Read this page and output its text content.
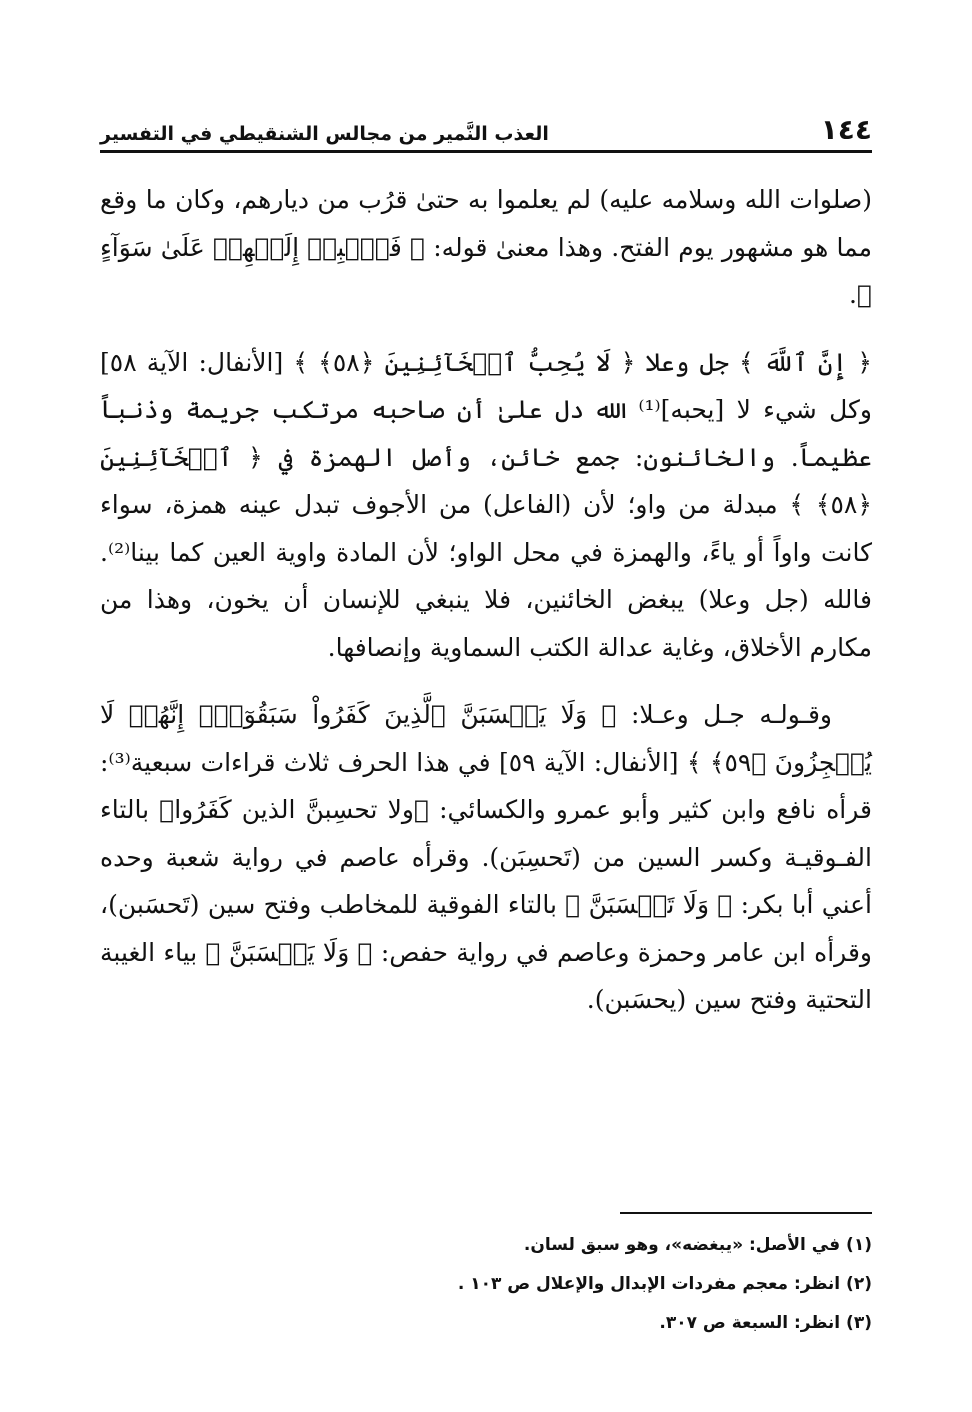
١٤٤
العذب النَّمير من مجالس الشنقيطي في التفسير

(صلوات الله وسلامه عليه) لم يعلموا به حتىٰ قرُب من ديارهم، وكان ما وقع مما هو مشهور يوم الفتح. وهذا معنىٰ قوله: ﴿ فَٱنۢبِذۡ إِلَيۡهِمۡ عَلَىٰ سَوَآءٍ ﴾.

﴿ إِنَّ ٱللَّهَ ﴾ جل وعلا ﴿ لَا يُحِبُّ ٱلۡخَآئِنِينَ ﴿٥٨﴾ ﴾ [الأنفال: الآية ٥٨] وكل شيء لا [يحبه]⁽¹⁾ الله دل علىٰ أن صاحبه مرتكب جريمة وذنباً عظيماً. والخائنون: جمع خائن، وأصل الهمزة في ﴿ ٱلۡخَآئِنِينَ ﴿٥٨﴾ ﴾ مبدلة من واو؛ لأن (الفاعل) من الأجوف تبدل عينه همزة، سواء كانت واواً أو ياءً، والهمزة في محل الواو؛ لأن المادة واوية العين كما بينا⁽²⁾. فالله (جل وعلا) يبغض الخائنين، فلا ينبغي للإنسان أن يخون، وهذا من مكارم الأخلاق، وغاية عدالة الكتب السماوية وإنصافها.

وقـولـه جـل وعـلا: ﴿ وَلَا يَحۡسَبَنَّ ٱلَّذِينَ كَفَرُواْ سَبَقُوٓاْۚ إِنَّهُمۡ لَا يُعۡجِزُونَ ﴿٥٩﴾ ﴾ [الأنفال: الآية ٥٩] في هذا الحرف ثلاث قراءات سبعية⁽³⁾: قرأه نافع وابن كثير وأبو عمرو والكسائي: ﴿ولا تحسِبنَّ الذين كَفَرُوا﴾ بالتاء الفـوقيـة وكسر السين من (تَحسِبَن). وقرأه عاصم في رواية شعبة وحده أعني أبا بكر: ﴿ وَلَا تَحۡسَبَنَّ ﴾ بالتاء الفوقية للمخاطب وفتح سين (تَحسَبن)، وقرأه ابن عامر وحمزة وعاصم في رواية حفص: ﴿ وَلَا يَحۡسَبَنَّ ﴾ بياء الغيبة التحتية وفتح سين (يحسَبن).

(١) في الأصل: «يبغضه»، وهو سبق لسان.
(٢) انظر: معجم مفردات الإبدال والإعلال ص ١٠٣ .
(٣) انظر: السبعة ص ٣٠٧.
